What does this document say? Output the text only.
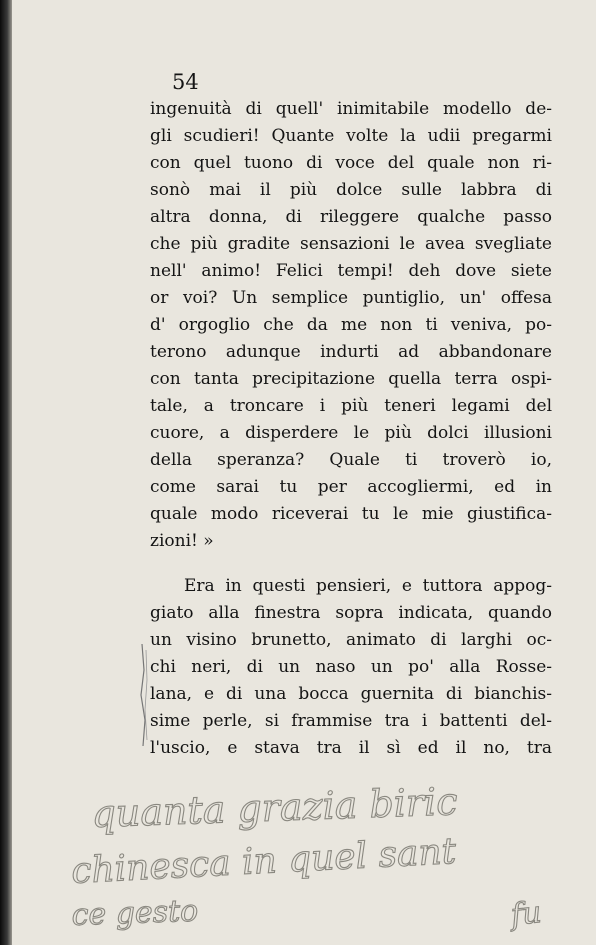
54
ingenuità di quell' inimitabile modello de-
gli scudieri! Quante volte la udii pregarmi
con quel tuono di voce del quale non ri-
sonò mai il più dolce sulle labbra di
altra donna, di rileggere qualche passo
che più gradite sensazioni le avea svegliate
nell' animo! Felici tempi! deh dove siete
or voi? Un semplice puntiglio, un' offesa
d' orgoglio che da me non ti veniva, po-
terono adunque indurti ad abbandonare
con tanta precipitazione quella terra ospi-
tale, a troncare i più teneri legami del
cuore, a disperdere le più dolci illusioni
della speranza? Quale ti troverò io,
come sarai tu per accogliermi, ed in
quale modo riceverai tu le mie giustifica-
zioni! »
Era in questi pensieri, e tuttora appog-
giato alla finestra sopra indicata, quando
un visino brunetto, animato di larghi oc-
chi neri, di un naso un po' alla Rosse-
lana, e di una bocca guernita di bianchis-
sime perle, si frammise tra i battenti del-
l'uscio, e stava tra il sì ed il no, tra
quanta grazia biric
chinesca in quel sant
ce gesto	fu
